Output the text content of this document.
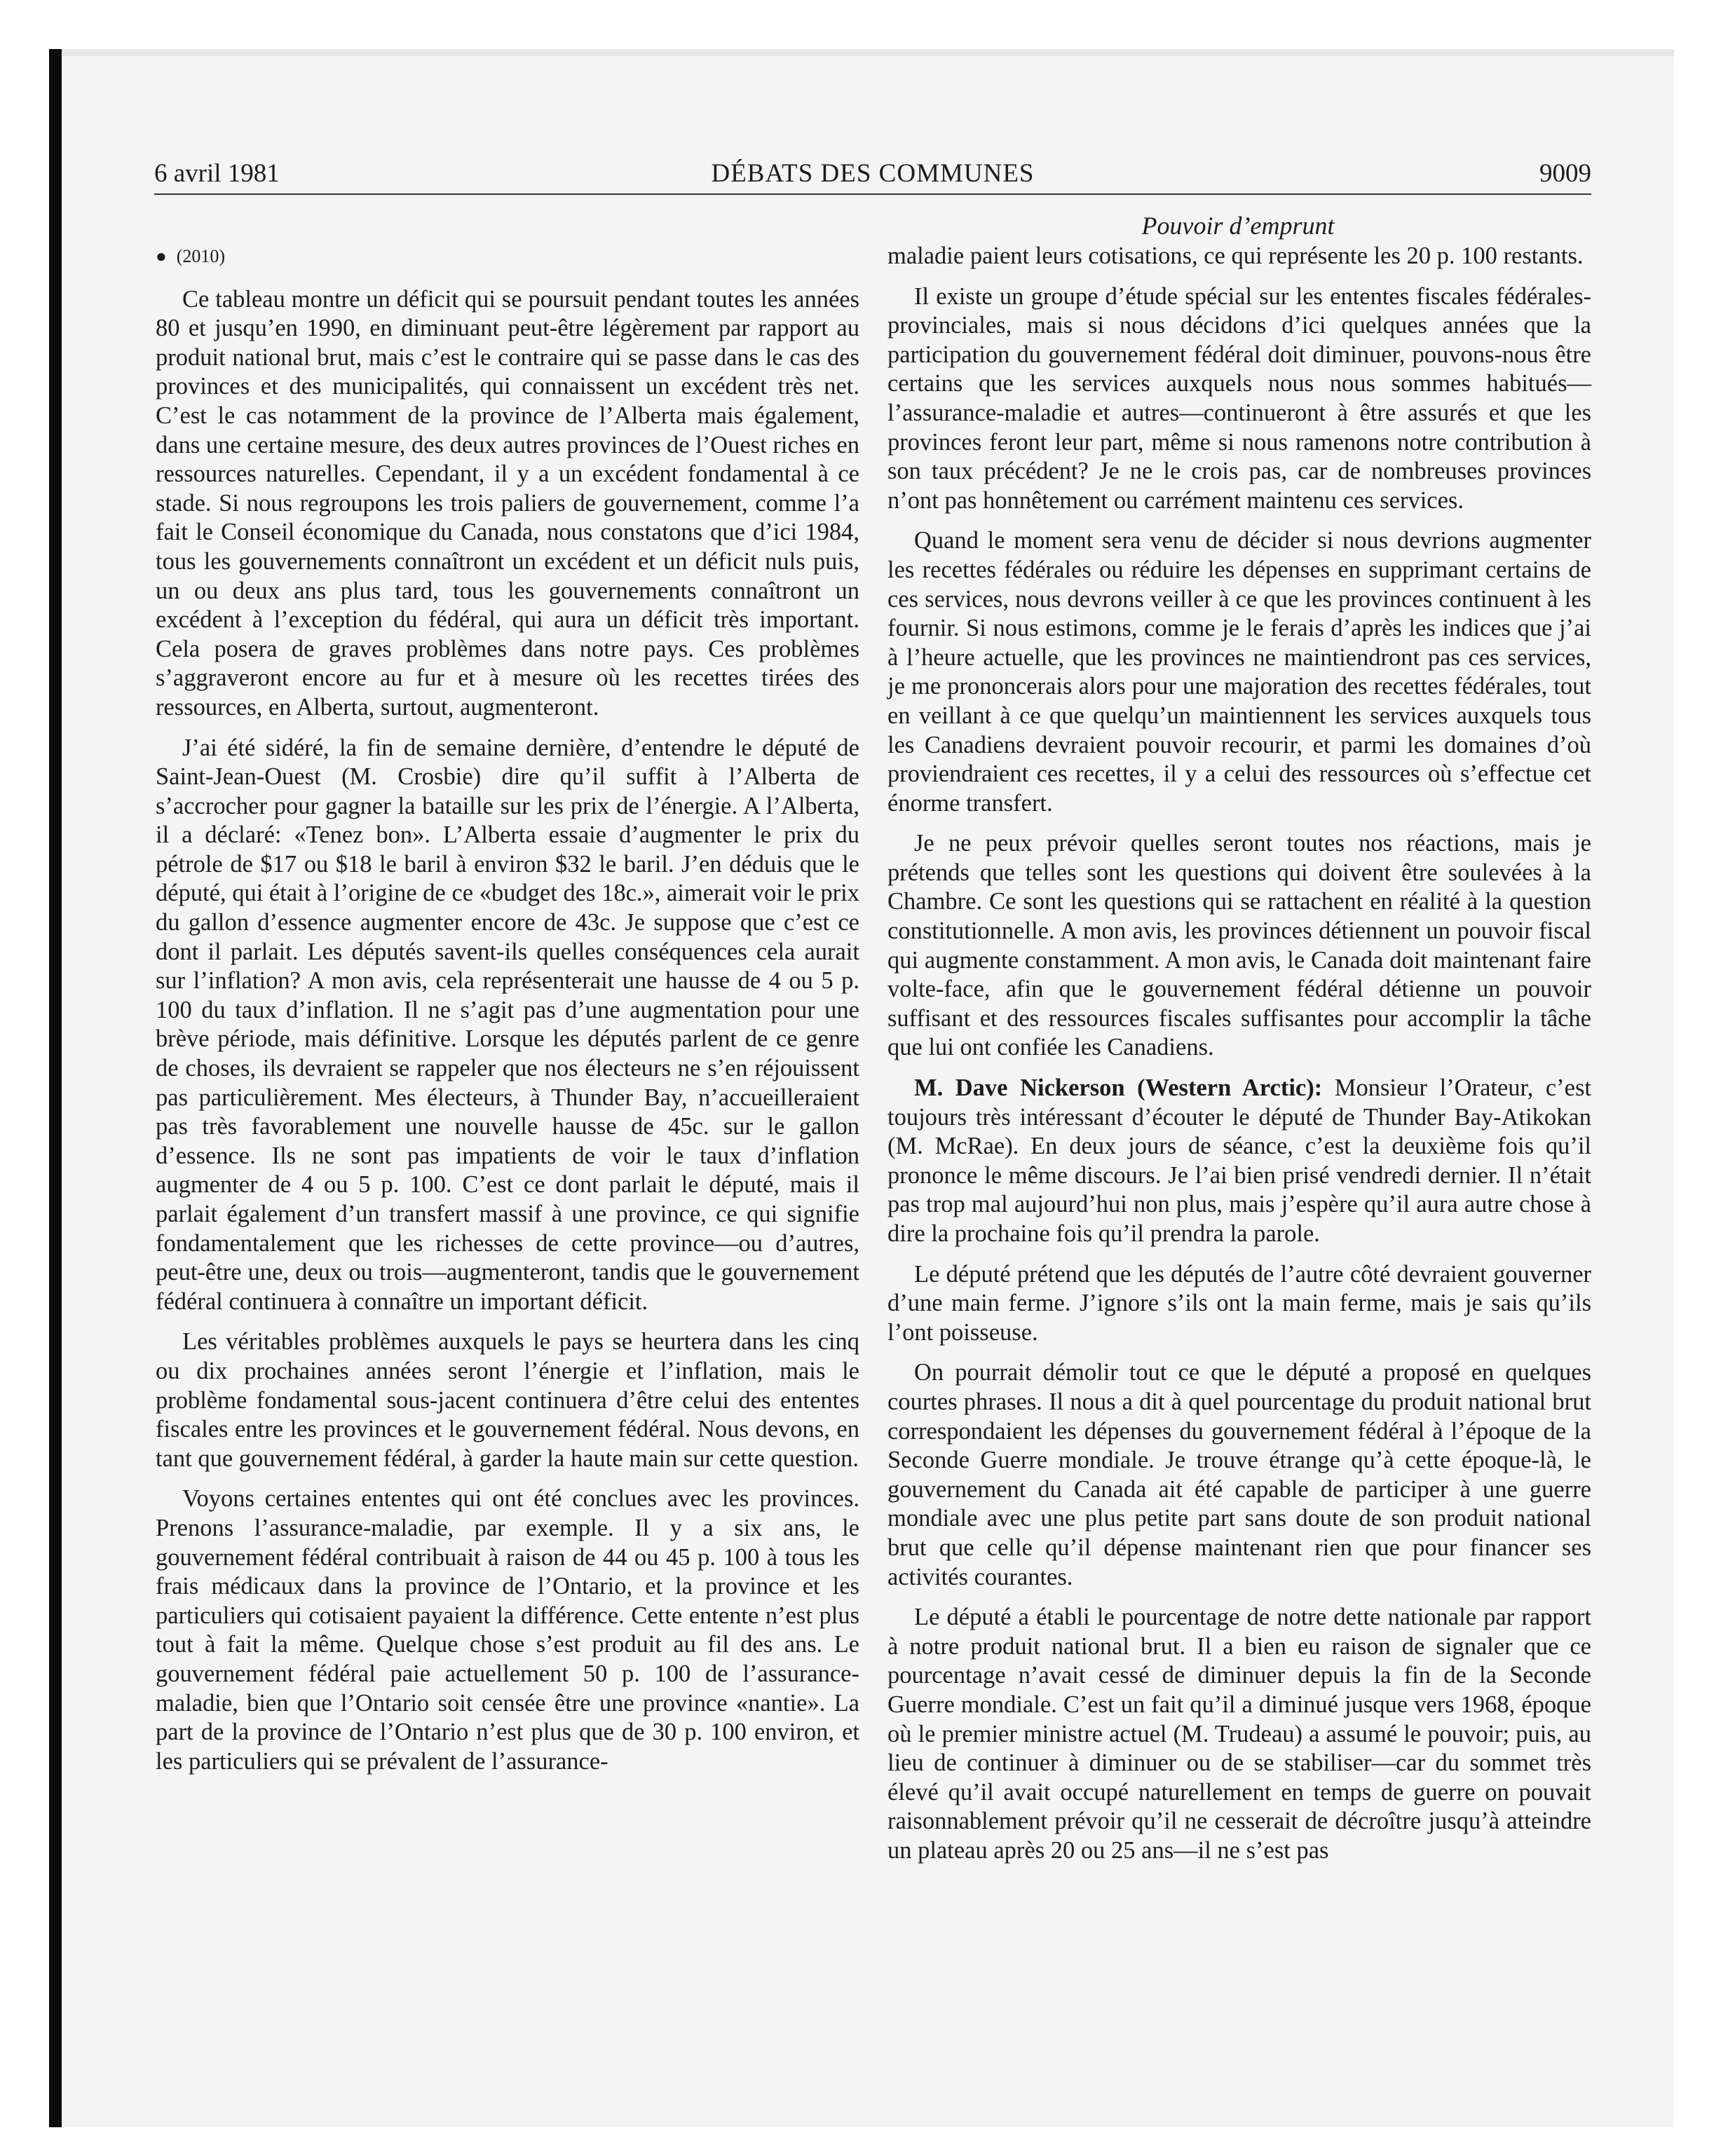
6 avril 1981	DÉBATS DES COMMUNES	9009
Pouvoir d’emprunt
● (2010)

Ce tableau montre un déficit qui se poursuit pendant toutes les années 80 et jusqu’en 1990, en diminuant peut-être légèrement par rapport au produit national brut, mais c’est le contraire qui se passe dans le cas des provinces et des municipalités, qui connaissent un excédent très net. C’est le cas notamment de la province de l’Alberta mais également, dans une certaine mesure, des deux autres provinces de l’Ouest riches en ressources naturelles. Cependant, il y a un excédent fondamental à ce stade. Si nous regroupons les trois paliers de gouvernement, comme l’a fait le Conseil économique du Canada, nous constatons que d’ici 1984, tous les gouvernements connaîtront un excédent et un déficit nuls puis, un ou deux ans plus tard, tous les gouvernements connaîtront un excédent à l’exception du fédéral, qui aura un déficit très important. Cela posera de graves problèmes dans notre pays. Ces problèmes s’aggraveront encore au fur et à mesure où les recettes tirées des ressources, en Alberta, surtout, augmenteront.

J’ai été sidéré, la fin de semaine dernière, d’entendre le député de Saint-Jean-Ouest (M. Crosbie) dire qu’il suffit à l’Alberta de s’accrocher pour gagner la bataille sur les prix de l’énergie. A l’Alberta, il a déclaré: «Tenez bon». L’Alberta essaie d’augmenter le prix du pétrole de $17 ou $18 le baril à environ $32 le baril. J’en déduis que le député, qui était à l’origine de ce «budget des 18c.», aimerait voir le prix du gallon d’essence augmenter encore de 43c. Je suppose que c’est ce dont il parlait. Les députés savent-ils quelles conséquences cela aurait sur l’inflation? A mon avis, cela représenterait une hausse de 4 ou 5 p. 100 du taux d’inflation. Il ne s’agit pas d’une augmentation pour une brève période, mais définitive. Lorsque les députés parlent de ce genre de choses, ils devraient se rappeler que nos électeurs ne s’en réjouissent pas particulièrement. Mes électeurs, à Thunder Bay, n’accueilleraient pas très favorablement une nouvelle hausse de 45c. sur le gallon d’essence. Ils ne sont pas impatients de voir le taux d’inflation augmenter de 4 ou 5 p. 100. C’est ce dont parlait le député, mais il parlait également d’un transfert massif à une province, ce qui signifie fondamentalement que les richesses de cette province—ou d’autres, peut-être une, deux ou trois—augmenteront, tandis que le gouvernement fédéral continuera à connaître un important déficit.

Les véritables problèmes auxquels le pays se heurtera dans les cinq ou dix prochaines années seront l’énergie et l’inflation, mais le problème fondamental sous-jacent continuera d’être celui des ententes fiscales entre les provinces et le gouvernement fédéral. Nous devons, en tant que gouvernement fédéral, à garder la haute main sur cette question.

Voyons certaines ententes qui ont été conclues avec les provinces. Prenons l’assurance-maladie, par exemple. Il y a six ans, le gouvernement fédéral contribuait à raison de 44 ou 45 p. 100 à tous les frais médicaux dans la province de l’Ontario, et la province et les particuliers qui cotisaient payaient la différence. Cette entente n’est plus tout à fait la même. Quelque chose s’est produit au fil des ans. Le gouvernement fédéral paie actuellement 50 p. 100 de l’assurance-maladie, bien que l’Ontario soit censée être une province «nantie». La part de la province de l’Ontario n’est plus que de 30 p. 100 environ, et les particuliers qui se prévalent de l’assurance-

maladie paient leurs cotisations, ce qui représente les 20 p. 100 restants.

Il existe un groupe d’étude spécial sur les ententes fiscales fédérales-provinciales, mais si nous décidons d’ici quelques années que la participation du gouvernement fédéral doit diminuer, pouvons-nous être certains que les services auxquels nous nous sommes habitués—l’assurance-maladie et autres—continueront à être assurés et que les provinces feront leur part, même si nous ramenons notre contribution à son taux précédent? Je ne le crois pas, car de nombreuses provinces n’ont pas honnêtement ou carrément maintenu ces services.

Quand le moment sera venu de décider si nous devrions augmenter les recettes fédérales ou réduire les dépenses en supprimant certains de ces services, nous devrons veiller à ce que les provinces continuent à les fournir. Si nous estimons, comme je le ferais d’après les indices que j’ai à l’heure actuelle, que les provinces ne maintiendront pas ces services, je me prononcerais alors pour une majoration des recettes fédérales, tout en veillant à ce que quelqu’un maintiennent les services auxquels tous les Canadiens devraient pouvoir recourir, et parmi les domaines d’où proviendraient ces recettes, il y a celui des ressources où s’effectue cet énorme transfert.

Je ne peux prévoir quelles seront toutes nos réactions, mais je prétends que telles sont les questions qui doivent être soulevées à la Chambre. Ce sont les questions qui se rattachent en réalité à la question constitutionnelle. A mon avis, les provinces détiennent un pouvoir fiscal qui augmente constamment. A mon avis, le Canada doit maintenant faire volte-face, afin que le gouvernement fédéral détienne un pouvoir suffisant et des ressources fiscales suffisantes pour accomplir la tâche que lui ont confiée les Canadiens.

M. Dave Nickerson (Western Arctic): Monsieur l’Orateur, c’est toujours très intéressant d’écouter le député de Thunder Bay-Atikokan (M. McRae). En deux jours de séance, c’est la deuxième fois qu’il prononce le même discours. Je l’ai bien prisé vendredi dernier. Il n’était pas trop mal aujourd’hui non plus, mais j’espère qu’il aura autre chose à dire la prochaine fois qu’il prendra la parole.

Le député prétend que les députés de l’autre côté devraient gouverner d’une main ferme. J’ignore s’ils ont la main ferme, mais je sais qu’ils l’ont poisseuse.

On pourrait démolir tout ce que le député a proposé en quelques courtes phrases. Il nous a dit à quel pourcentage du produit national brut correspondaient les dépenses du gouvernement fédéral à l’époque de la Seconde Guerre mondiale. Je trouve étrange qu’à cette époque-là, le gouvernement du Canada ait été capable de participer à une guerre mondiale avec une plus petite part sans doute de son produit national brut que celle qu’il dépense maintenant rien que pour financer ses activités courantes.

Le député a établi le pourcentage de notre dette nationale par rapport à notre produit national brut. Il a bien eu raison de signaler que ce pourcentage n’avait cessé de diminuer depuis la fin de la Seconde Guerre mondiale. C’est un fait qu’il a diminué jusque vers 1968, époque où le premier ministre actuel (M. Trudeau) a assumé le pouvoir; puis, au lieu de continuer à diminuer ou de se stabiliser—car du sommet très élevé qu’il avait occupé naturellement en temps de guerre on pouvait raisonnablement prévoir qu’il ne cesserait de décroître jusqu’à atteindre un plateau après 20 ou 25 ans—il ne s’est pas
